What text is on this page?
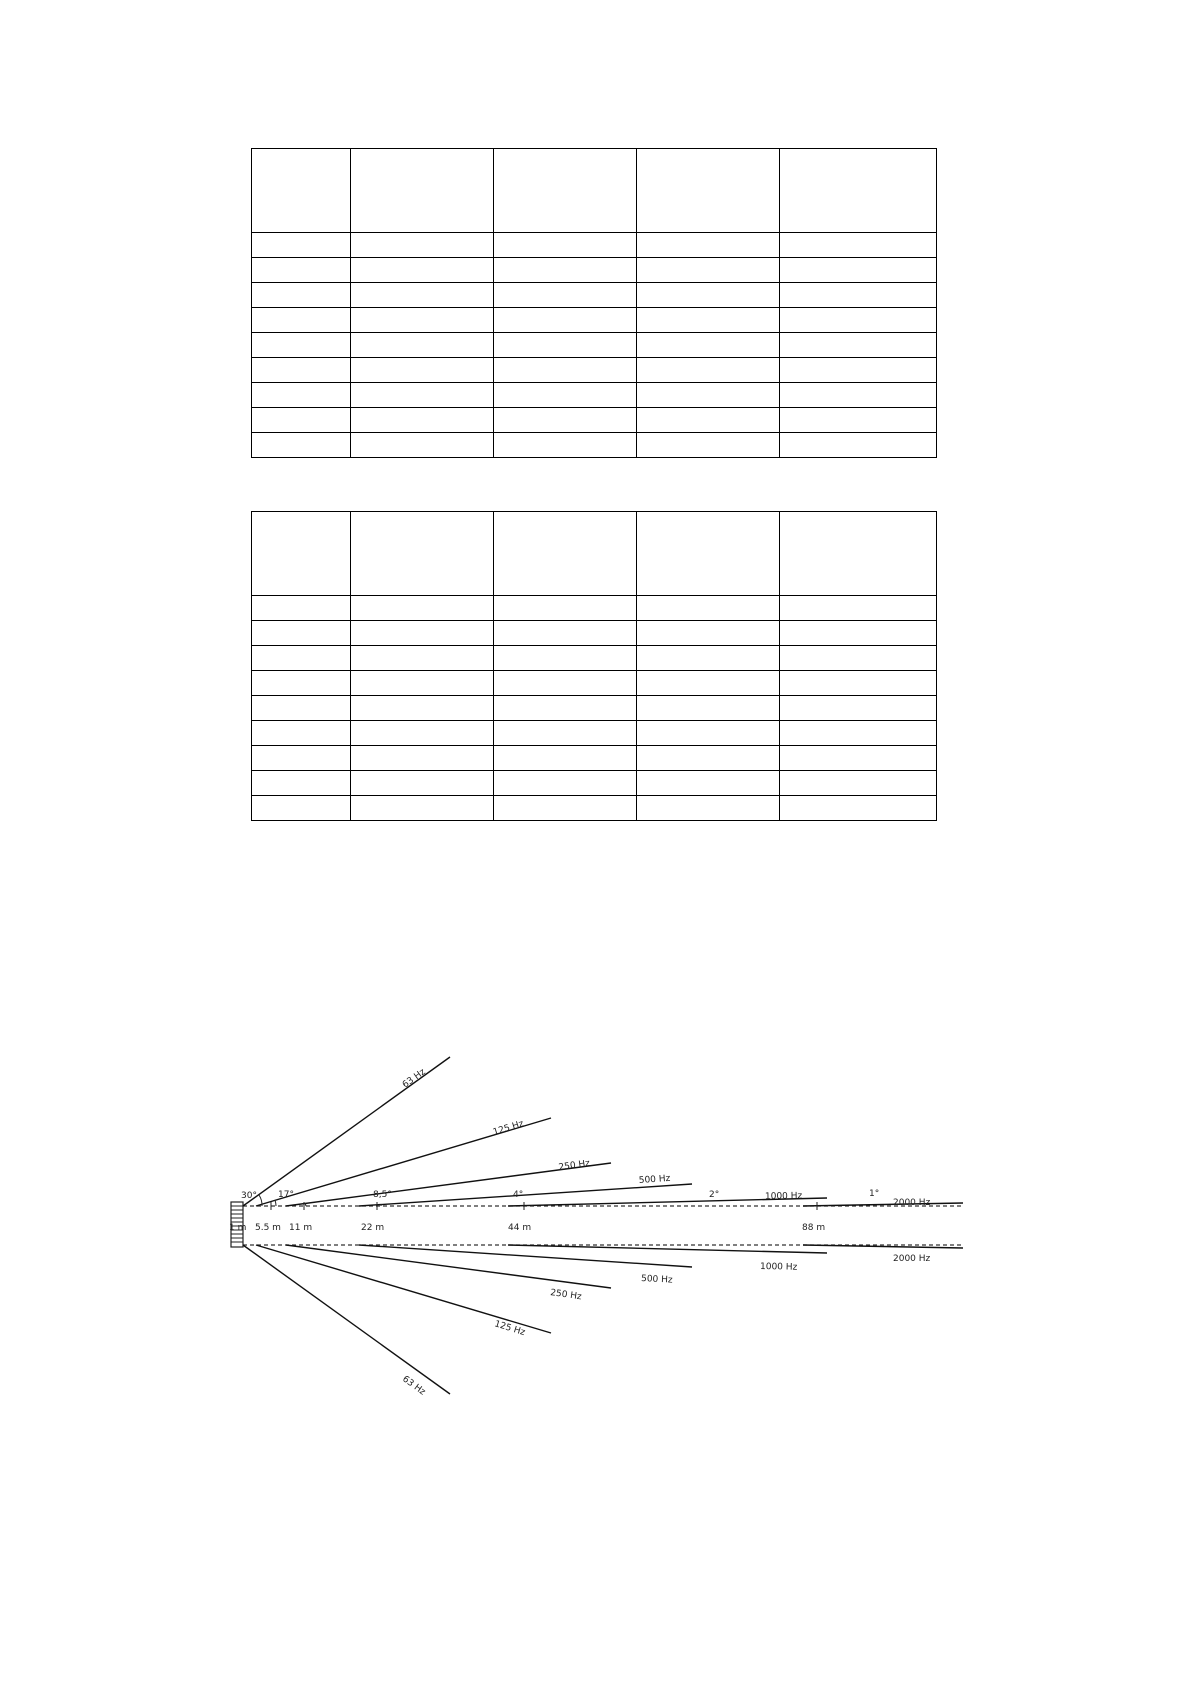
63 Hz
125 Hz
250 Hz
500 Hz
1000 Hz
2000 Hz
63 Hz
125 Hz
250 Hz
500 Hz
1000 Hz
2000 Hz
30° 17°	8,5°	4°	2°	1°
1 m 5.5 m 11 m	22 m	44 m	88 m
